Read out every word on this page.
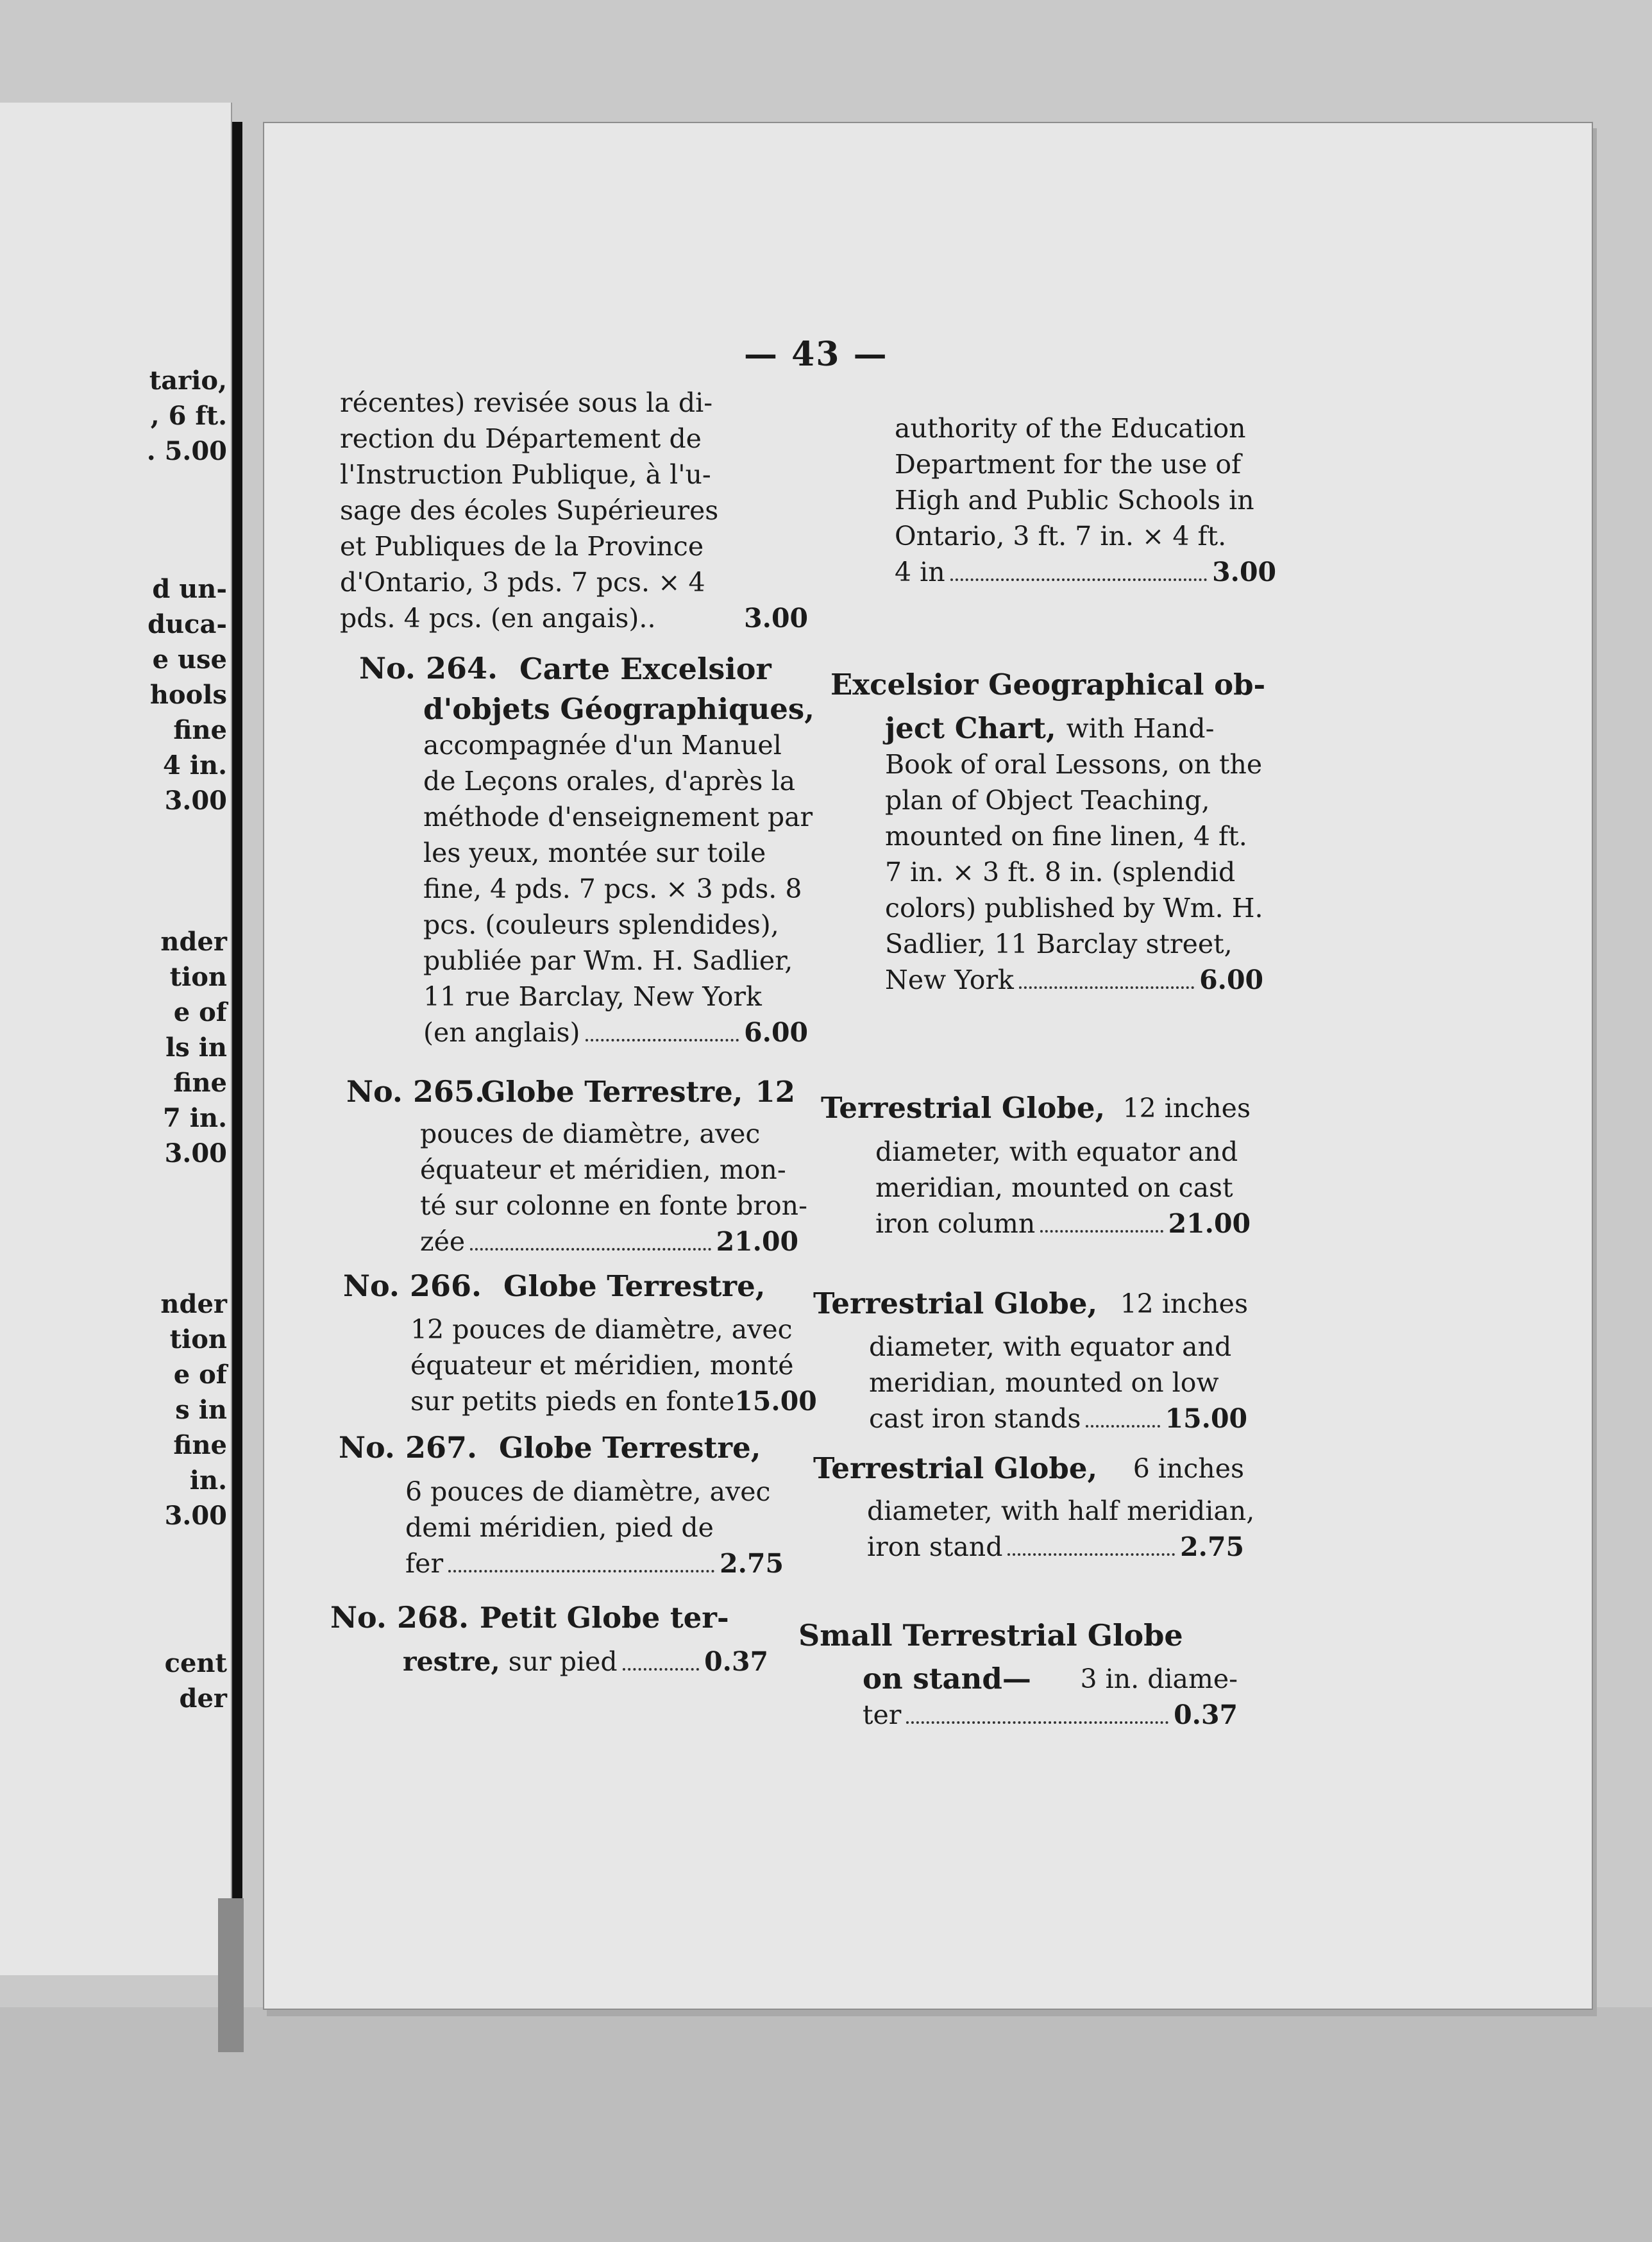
tario,
, 6 ft.
. 5.00
d un-
duca-
e use
hools
fine
4 in.
3.00
nder
tion
e of
ls in
fine
7 in.
3.00
nder
tion
e of
s in
fine
in.
3.00
cent
der
— 43 —
récentes) revisée sous la di-
rection du Département de
l'Instruction Publique, à l'u-
sage des écoles Supérieures
et Publiques de la Province
d'Ontario, 3 pds. 7 pcs. × 4
pds. 4 pcs. (en angais)..	3.00
No. 264. Carte Excelsior
d'objets Géographiques,
accompagnée d'un Manuel
de Leçons orales, d'après la
méthode d'enseignement par
les yeux, montée sur toile
fine, 4 pds. 7 pcs. × 3 pds. 8
pcs. (couleurs splendides),
publiée par Wm. H. Sadlier,
11 rue Barclay, New York
(en anglais)	6.00
No. 265.
Globe Terrestre, 12
pouces de diamètre, avec
équateur et méridien, mon-
té sur colonne en fonte bron-
zée	21.00
No. 266. Globe Terrestre,
12 pouces de diamètre, avec
équateur et méridien, monté
sur petits pieds en fonte 15.00
No. 267. Globe Terrestre,
6 pouces de diamètre, avec
demi méridien, pied de
fer	2.75
No. 268. Petit Globe ter-
restre,
sur pied	0.37
authority of the Education
Department for the use of
High and Public Schools in
Ontario, 3 ft. 7 in. × 4 ft.
4 in	3.00
Excelsior Geographical ob-
ject Chart, with Hand-
Book of oral Lessons, on the
plan of Object Teaching,
mounted on fine linen, 4 ft.
7 in. × 3 ft. 8 in. (splendid
colors) published by Wm. H.
Sadlier, 11 Barclay street,
New York	6.00
Terrestrial Globe, 12 inches
diameter, with equator and
meridian, mounted on cast
iron column	21.00
Terrestrial Globe, 12 inches
diameter, with equator and
meridian, mounted on low
cast iron stands	15.00
Terrestrial Globe, 6 inches
diameter, with half meridian,
iron stand	2.75
Small Terrestrial Globe
on stand— 3 in. diame-
ter	0.37
